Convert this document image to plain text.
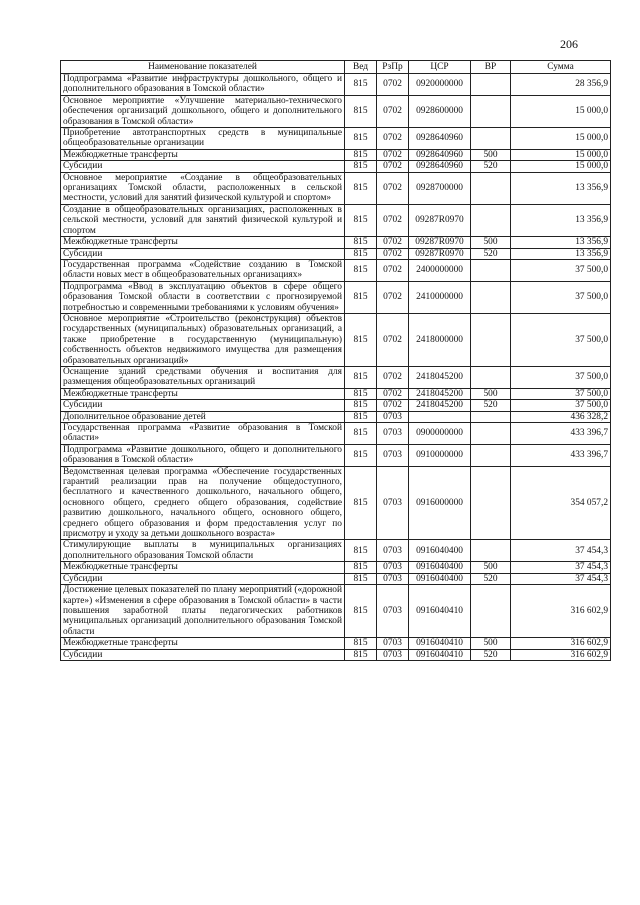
206
Наименование показателей	Вед	РзПр	ЦСР	ВР	Сумма
Подпрограмма «Развитие инфраструктуры дошкольного, общего и дополнительного образования в Томской области»	815	0702	0920000000		28 356,9
Основное мероприятие «Улучшение материально-технического обеспечения организаций дошкольного, общего и дополнительного образования в Томской области»	815	0702	0928600000		15 000,0
Приобретение автотранспортных средств в муниципальные общеобразовательные организации	815	0702	0928640960		15 000,0
Межбюджетные трансферты	815	0702	0928640960	500	15 000,0
Субсидии	815	0702	0928640960	520	15 000,0
Основное мероприятие «Создание в общеобразовательных организациях Томской области, расположенных в сельской местности, условий для занятий физической культурой и спортом»	815	0702	0928700000		13 356,9
Создание в общеобразовательных организациях, расположенных в сельской местности, условий для занятий физической культурой и спортом	815	0702	09287R0970		13 356,9
Межбюджетные трансферты	815	0702	09287R0970	500	13 356,9
Субсидии	815	0702	09287R0970	520	13 356,9
Государственная программа «Содействие созданию в Томской области новых мест в общеобразовательных организациях»	815	0702	2400000000		37 500,0
Подпрограмма «Ввод в эксплуатацию объектов в сфере общего образования Томской области в соответствии с прогнозируемой потребностью и современными требованиями к условиям обучения»	815	0702	2410000000		37 500,0
Основное мероприятие «Строительство (реконструкция) объектов государственных (муниципальных) образовательных организаций, а также приобретение в государственную (муниципальную) собственность объектов недвижимого имущества для размещения образовательных организаций»	815	0702	2418000000		37 500,0
Оснащение зданий средствами обучения и воспитания для размещения общеобразовательных организаций	815	0702	2418045200		37 500,0
Межбюджетные трансферты	815	0702	2418045200	500	37 500,0
Субсидии	815	0702	2418045200	520	37 500,0
Дополнительное образование детей	815	0703			436 328,2
Государственная программа «Развитие образования в Томской области»	815	0703	0900000000		433 396,7
Подпрограмма «Развитие дошкольного, общего и дополнительного образования в Томской области»	815	0703	0910000000		433 396,7
Ведомственная целевая программа «Обеспечение государственных гарантий реализации прав на получение общедоступного, бесплатного и качественного дошкольного, начального общего, основного общего, среднего общего образования, содействие развитию дошкольного, начального общего, основного общего, среднего общего образования и форм предоставления услуг по присмотру и уходу за детьми дошкольного возраста»	815	0703	0916000000		354 057,2
Стимулирующие выплаты в муниципальных организациях дополнительного образования Томской области	815	0703	0916040400		37 454,3
Межбюджетные трансферты	815	0703	0916040400	500	37 454,3
Субсидии	815	0703	0916040400	520	37 454,3
Достижение целевых показателей по плану мероприятий («дорожной карте») «Изменения в сфере образования в Томской области» в части повышения заработной платы педагогических работников муниципальных организаций дополнительного образования Томской области	815	0703	0916040410		316 602,9
Межбюджетные трансферты	815	0703	0916040410	500	316 602,9
Субсидии	815	0703	0916040410	520	316 602,9
